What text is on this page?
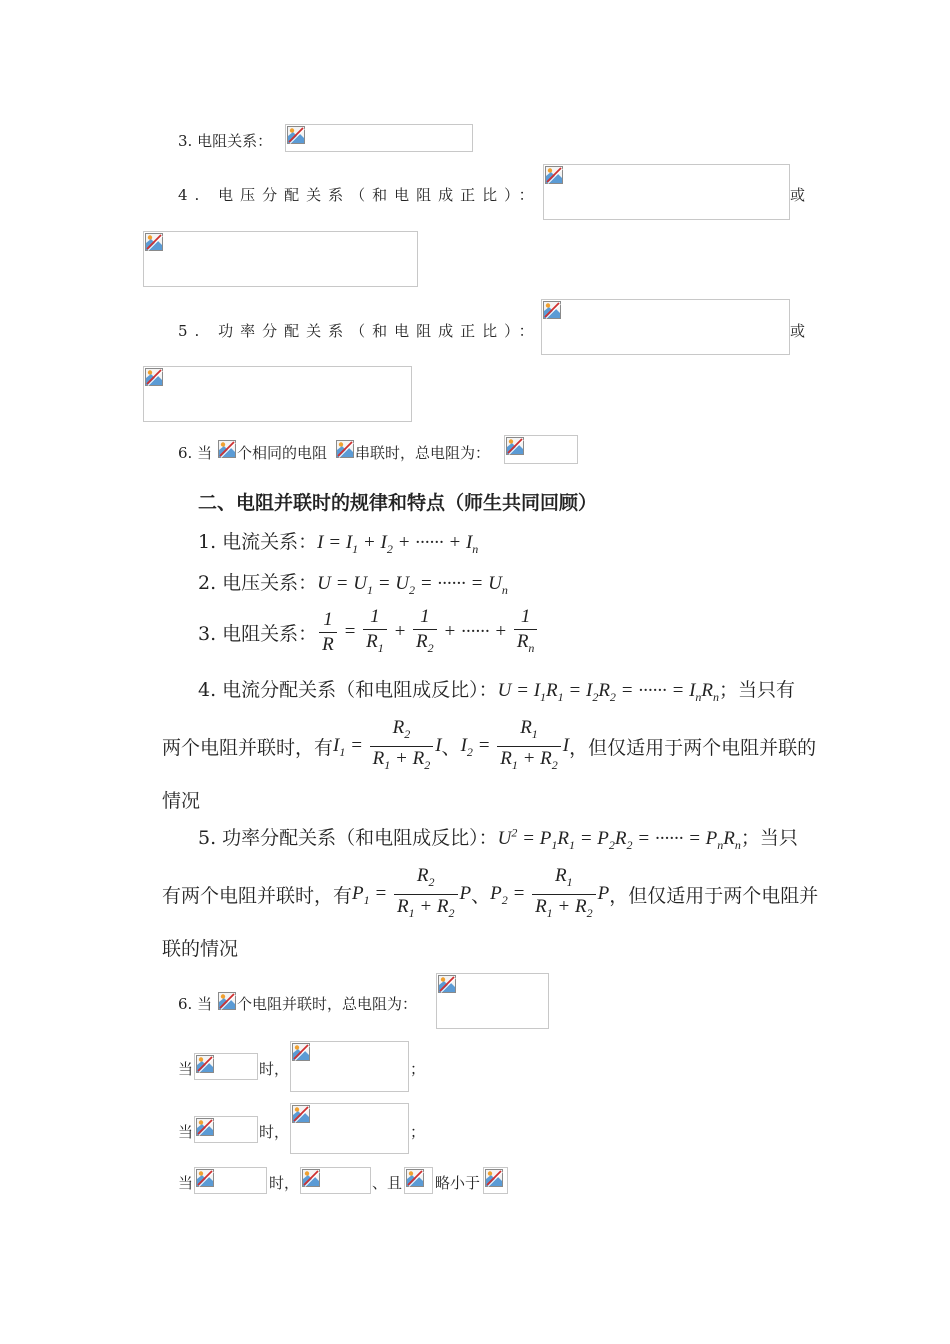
3. 电阻关系：
4. 电压分配关系（和电阻成正比）：	或
5. 功率分配关系（和电阻成正比）：	或
6. 当 个相同的电阻 串联时，总电阻为：
二、电阻并联时的规律和特点（师生共同回顾）
1. 电流关系：$I = I_1 + I_2$ + ······ + $I_n$
2. 电压关系：$U = U_1 = U_2$ = ······ = $U_n$
3. 电阻关系： $\frac{1}{R} = \frac{1}{R_1} + \frac{1}{R_2}$ + ······ + $\frac{1}{R_n}$
4. 电流分配关系（和电阻成反比）：$U = I_1R_1 = I_2R_2$ = ······ = $I_nR_n$；当只有
两个电阻并联时，有$I_1 = \frac{R_2}{R_1 + R_2}$ I、$I_2 = \frac{R_1}{R_1 + R_2}$ I，但仅适用于两个电阻并联的
情况
5. 功率分配关系（和电阻成反比）：$U^2 = P_1R_1 = P_2R_2$ = ······ = $P_nR_n$；当只
有两个电阻并联时，有$P_1 = \frac{R_2}{R_1 + R_2}$ P、$P_2 = \frac{R_1}{R_1 + R_2}$ P，但仅适用于两个电阻并
联的情况
6. 当 个电阻并联时，总电阻为：
当	时，	；
当	时，	；
当	时，	、且 略小于
